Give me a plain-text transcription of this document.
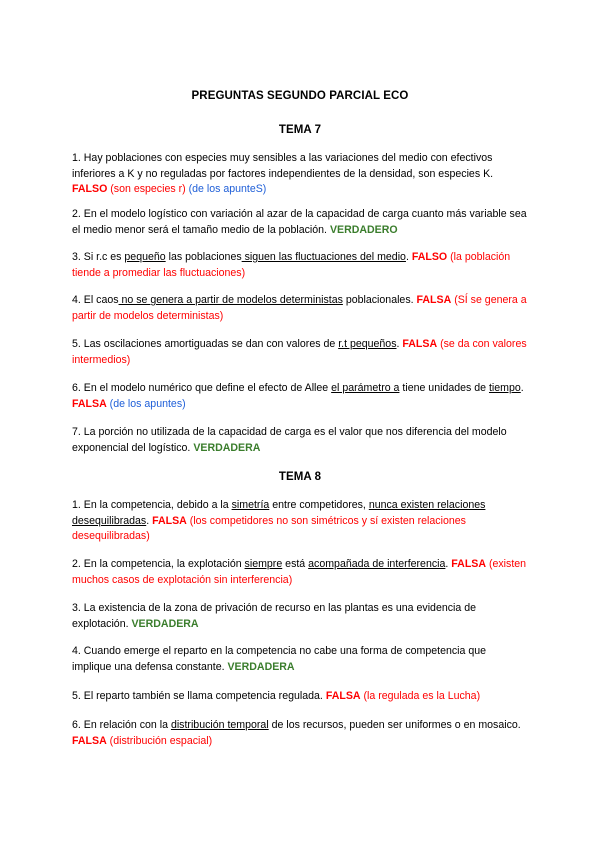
PREGUNTAS SEGUNDO PARCIAL ECO
TEMA 7
1. Hay poblaciones con especies muy sensibles a las variaciones del medio con efectivos inferiores a K y no reguladas por factores independientes de la densidad, son especies K. FALSO (son especies r) (de los apunteS)
2. En el modelo logístico con variación al azar de la capacidad de carga cuanto más variable sea el medio menor será el tamaño medio de la población. VERDADERO
3. Si r.c es pequeño las poblaciones siguen las fluctuaciones del medio. FALSO (la población tiende a promediar las fluctuaciones)
4. El caos no se genera a partir de modelos deterministas poblacionales. FALSA (SÍ se genera a partir de modelos deterministas)
5. Las oscilaciones amortiguadas se dan con valores de r.t pequeños. FALSA (se da con valores intermedios)
6. En el modelo numérico que define el efecto de Allee el parámetro a tiene unidades de tiempo. FALSA (de los apuntes)
7. La porción no utilizada de la capacidad de carga es el valor que nos diferencia del modelo exponencial del logístico. VERDADERA
TEMA 8
1. En la competencia, debido a la simetría entre competidores, nunca existen relaciones desequilibradas. FALSA (los competidores no son simétricos y sí existen relaciones desequilibradas)
2. En la competencia, la explotación siempre está acompañada de interferencia. FALSA (existen muchos casos de explotación sin interferencia)
3. La existencia de la zona de privación de recurso en las plantas es una evidencia de explotación. VERDADERA
4. Cuando emerge el reparto en la competencia no cabe una forma de competencia que implique una defensa constante. VERDADERA
5. El reparto también se llama competencia regulada. FALSA (la regulada es la Lucha)
6. En relación con la distribución temporal de los recursos, pueden ser uniformes o en mosaico. FALSA (distribución espacial)
